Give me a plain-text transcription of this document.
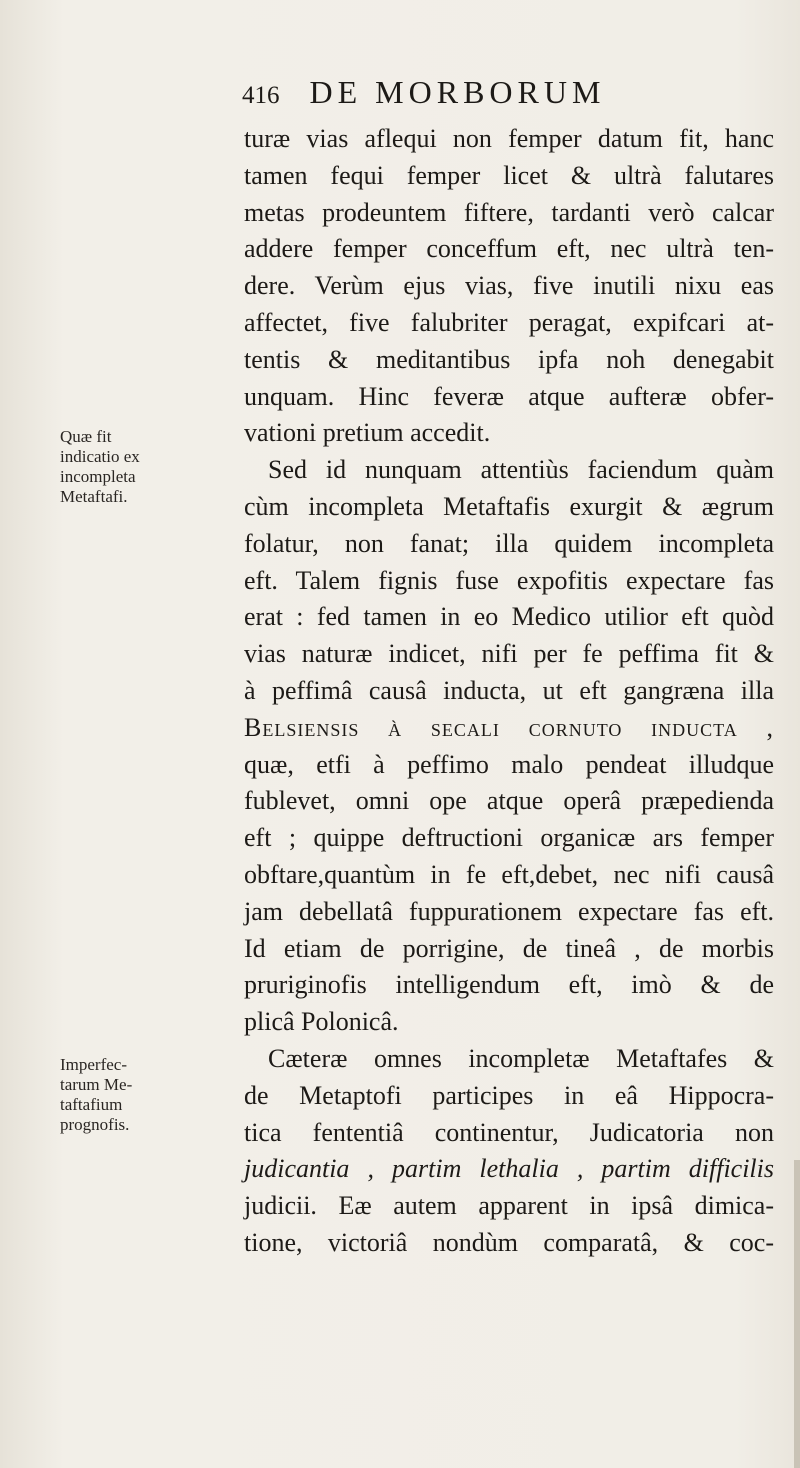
416 DE MORBORUM
Quæ fit
indicatio ex
incompleta
Metaftafi.
Imperfec-
tarum Me-
taftafium
prognofis.
turæ vias aflequi non femper datum fit, hanc
tamen fequi femper licet & ultrà falutares
metas prodeuntem fiftere, tardanti verò calcar
addere femper conceffum eft, nec ultrà ten-
dere. Verùm ejus vias, five inutili nixu eas
affectet, five falubriter peragat, expifcari at-
tentis & meditantibus ipfa noh denegabit
unquam. Hinc feveræ atque aufteræ obfer-
vationi pretium accedit.
Sed id nunquam attentiùs faciendum quàm
cùm incompleta Metaftafis exurgit & ægrum
folatur, non fanat; illa quidem incompleta
eft. Talem fignis fuse expofitis expectare fas
erat : fed tamen in eo Medico utilior eft quòd
vias naturæ indicet, nifi per fe peffima fit &
à peffimâ causâ inducta, ut eft gangræna illa
Belsiensis à secali cornuto inducta ,
quæ, etfi à peffimo malo pendeat illudque
fublevet, omni ope atque operâ præpedienda
eft ; quippe deftructioni organicæ ars femper
obftare,quantùm in fe eft,debet, nec nifi causâ
jam debellatâ fuppurationem expectare fas eft.
Id etiam de porrigine, de tineâ , de morbis
pruriginofis intelligendum eft, imò & de
plicâ Polonicâ.
Cæteræ omnes incompletæ Metaftafes &
de Metaptofi participes in eâ Hippocra-
tica fententiâ continentur, Judicatoria non
judicantia , partim lethalia , partim difficilis
judicii. Eæ autem apparent in ipsâ dimica-
tione, victoriâ nondùm comparatâ, & coc-
